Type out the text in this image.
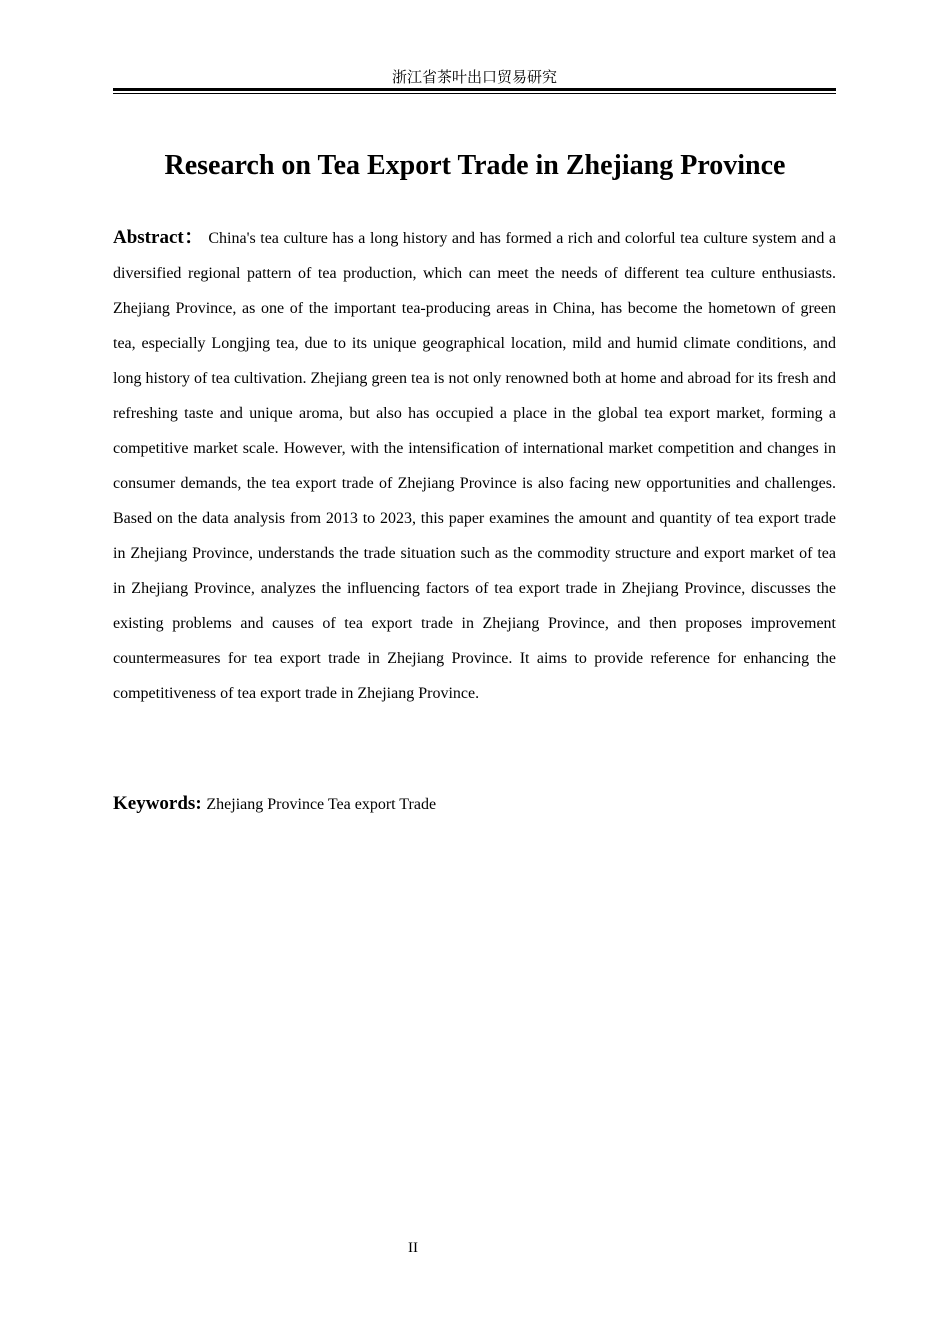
浙江省茶叶出口贸易研究
Research on Tea Export Trade in Zhejiang Province
Abstract： China's tea culture has a long history and has formed a rich and colorful tea culture system and a diversified regional pattern of tea production, which can meet the needs of different tea culture enthusiasts. Zhejiang Province, as one of the important tea-producing areas in China, has become the hometown of green tea, especially Longjing tea, due to its unique geographical location, mild and humid climate conditions, and long history of tea cultivation. Zhejiang green tea is not only renowned both at home and abroad for its fresh and refreshing taste and unique aroma, but also has occupied a place in the global tea export market, forming a competitive market scale. However, with the intensification of international market competition and changes in consumer demands, the tea export trade of Zhejiang Province is also facing new opportunities and challenges. Based on the data analysis from 2013 to 2023, this paper examines the amount and quantity of tea export trade in Zhejiang Province, understands the trade situation such as the commodity structure and export market of tea in Zhejiang Province, analyzes the influencing factors of tea export trade in Zhejiang Province, discusses the existing problems and causes of tea export trade in Zhejiang Province, and then proposes improvement countermeasures for tea export trade in Zhejiang Province. It aims to provide reference for enhancing the competitiveness of tea export trade in Zhejiang Province.
Keywords: Zhejiang Province Tea export Trade
II
